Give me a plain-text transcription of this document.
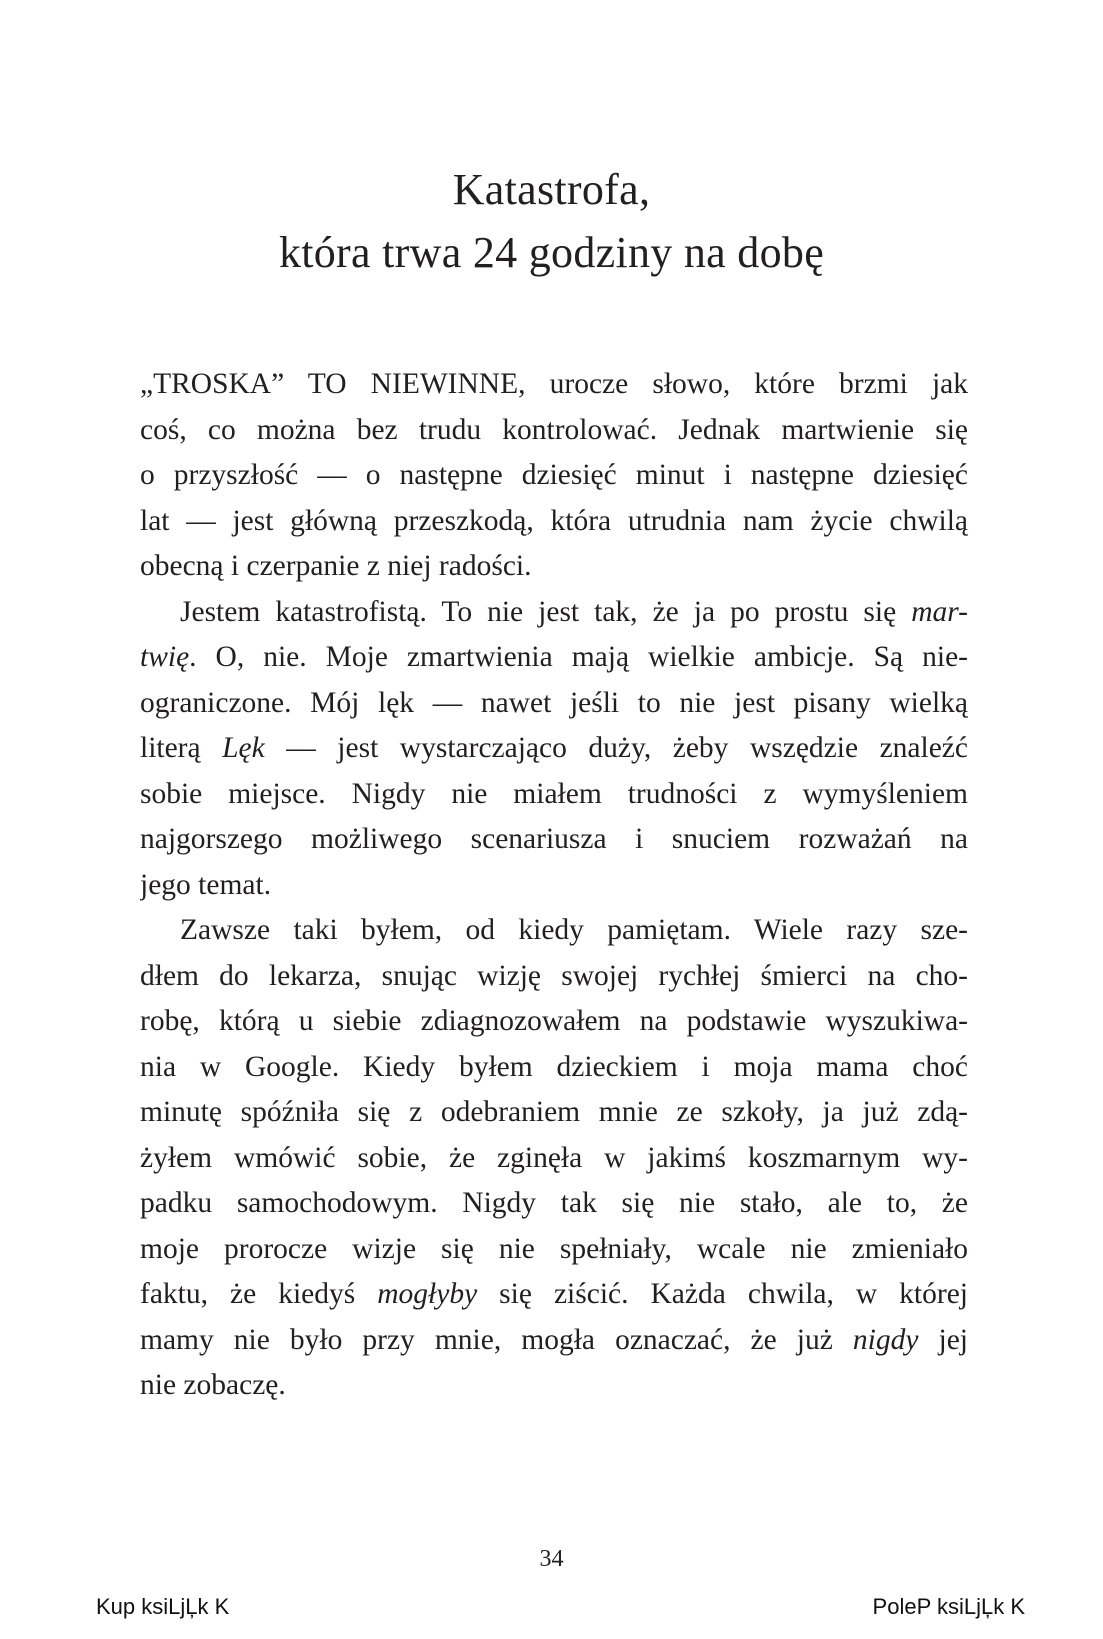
Katastrofa,
która trwa 24 godziny na dobę
„TROSKA” TO NIEWINNE, urocze słowo, które brzmi jak
coś, co można bez trudu kontrolować. Jednak martwienie się
o przyszłość — o następne dziesięć minut i następne dziesięć
lat — jest główną przeszkodą, która utrudnia nam życie chwilą
obecną i czerpanie z niej radości.
Jestem katastrofistą. To nie jest tak, że ja po prostu się mar-
twię. O, nie. Moje zmartwienia mają wielkie ambicje. Są nie-
ograniczone. Mój lęk — nawet jeśli to nie jest pisany wielką
literą Lęk — jest wystarczająco duży, żeby wszędzie znaleźć
sobie miejsce. Nigdy nie miałem trudności z wymyśleniem
najgorszego możliwego scenariusza i snuciem rozważań na
jego temat.
Zawsze taki byłem, od kiedy pamiętam. Wiele razy sze-
dłem do lekarza, snując wizję swojej rychłej śmierci na cho-
robę, którą u siebie zdiagnozowałem na podstawie wyszukiwa-
nia w Google. Kiedy byłem dzieckiem i moja mama choć
minutę spóźniła się z odebraniem mnie ze szkoły, ja już zdą-
żyłem wmówić sobie, że zginęła w jakimś koszmarnym wy-
padku samochodowym. Nigdy tak się nie stało, ale to, że
moje prorocze wizje się nie spełniały, wcale nie zmieniało
faktu, że kiedyś mogłyby się ziścić. Każda chwila, w której
mamy nie było przy mnie, mogła oznaczać, że już nigdy jej
nie zobaczę.
34
Kup ksiLjĻk K	PoleP ksiLjĻk K
